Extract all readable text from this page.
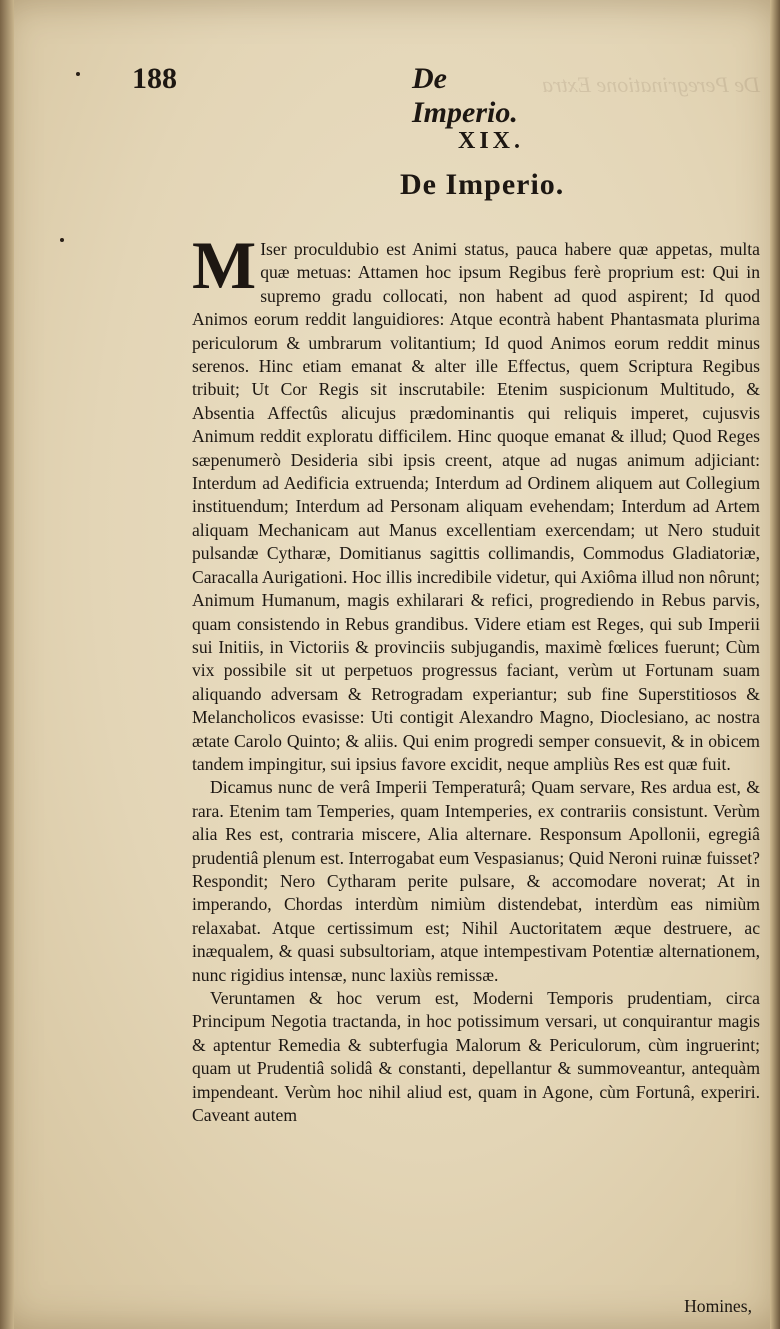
De Peregrinatione Extra
188	De Imperio.
XIX.
De Imperio.

M Iser proculdubio est Animi status, pauca habere quæ appetas, multa quæ metuas: Attamen hoc ipsum Regibus ferè proprium est: Qui in supremo gradu collocati, non habent ad quod aspirent; Id quod Animos eorum reddit languidiores: Atque econtrà habent Phantasmata plurima periculorum & umbrarum volitantium; Id quod Animos eorum reddit minus serenos. Hinc etiam emanat & alter ille Effectus, quem Scriptura Regibus tribuit; Ut Cor Regis sit inscrutabile: Etenim suspicionum Multitudo, & Absentia Affectûs alicujus prædominantis qui reliquis imperet, cujusvis Animum reddit exploratu difficilem. Hinc quoque emanat & illud; Quod Reges sæpenumerò Desideria sibi ipsis creent, atque ad nugas animum adjiciant: Interdum ad Aedificia extruenda; Interdum ad Ordinem aliquem aut Collegium instituendum; Interdum ad Personam aliquam evehendam; Interdum ad Artem aliquam Mechanicam aut Manus excellentiam exercendam; ut Nero studuit pulsandæ Cytharæ, Domitianus sagittis collimandis, Commodus Gladiatoriæ, Caracalla Aurigationi. Hoc illis incredibile videtur, qui Axiôma illud non nôrunt; Animum Humanum, magis exhilarari & refici, progrediendo in Rebus parvis, quam consistendo in Rebus grandibus. Videre etiam est Reges, qui sub Imperii sui Initiis, in Victoriis & provinciis subjugandis, maximè fœlices fuerunt; Cùm vix possibile sit ut perpetuos progressus faciant, verùm ut Fortunam suam aliquando adversam & Retrogradam experiantur; sub fine Superstitiosos & Melancholicos evasisse: Uti contigit Alexandro Magno, Dioclesiano, ac nostra ætate Carolo Quinto; & aliis. Qui enim progredi semper consuevit, & in obicem tandem impingitur, sui ipsius favore excidit, neque ampliùs Res est quæ fuit.

Dicamus nunc de verâ Imperii Temperaturâ; Quam servare, Res ardua est, & rara. Etenim tam Temperies, quam Intemperies, ex contrariis consistunt. Verùm alia Res est, contraria miscere, Alia alternare. Responsum Apollonii, egregiâ prudentiâ plenum est. Interrogabat eum Vespasianus; Quid Neroni ruinæ fuisset? Respondit; Nero Cytharam perite pulsare, & accomodare noverat; At in imperando, Chordas interdùm nimiùm distendebat, interdùm eas nimiùm relaxabat. Atque certissimum est; Nihil Auctoritatem æque destruere, ac inæqualem, & quasi subsultoriam, atque intempestivam Potentiæ alternationem, nunc rigidius intensæ, nunc laxiùs remissæ.

Veruntamen & hoc verum est, Moderni Temporis prudentiam, circa Principum Negotia tractanda, in hoc potissimum versari, ut conquirantur magis & aptentur Remedia & subterfugia Malorum & Periculorum, cùm ingruerint; quam ut Prudentiâ solidâ & constanti, depellantur & summoveantur, antequàm impendeant. Verùm hoc nihil aliud est, quam in Agone, cùm Fortunâ, experiri. Caveant autem

Homines,
